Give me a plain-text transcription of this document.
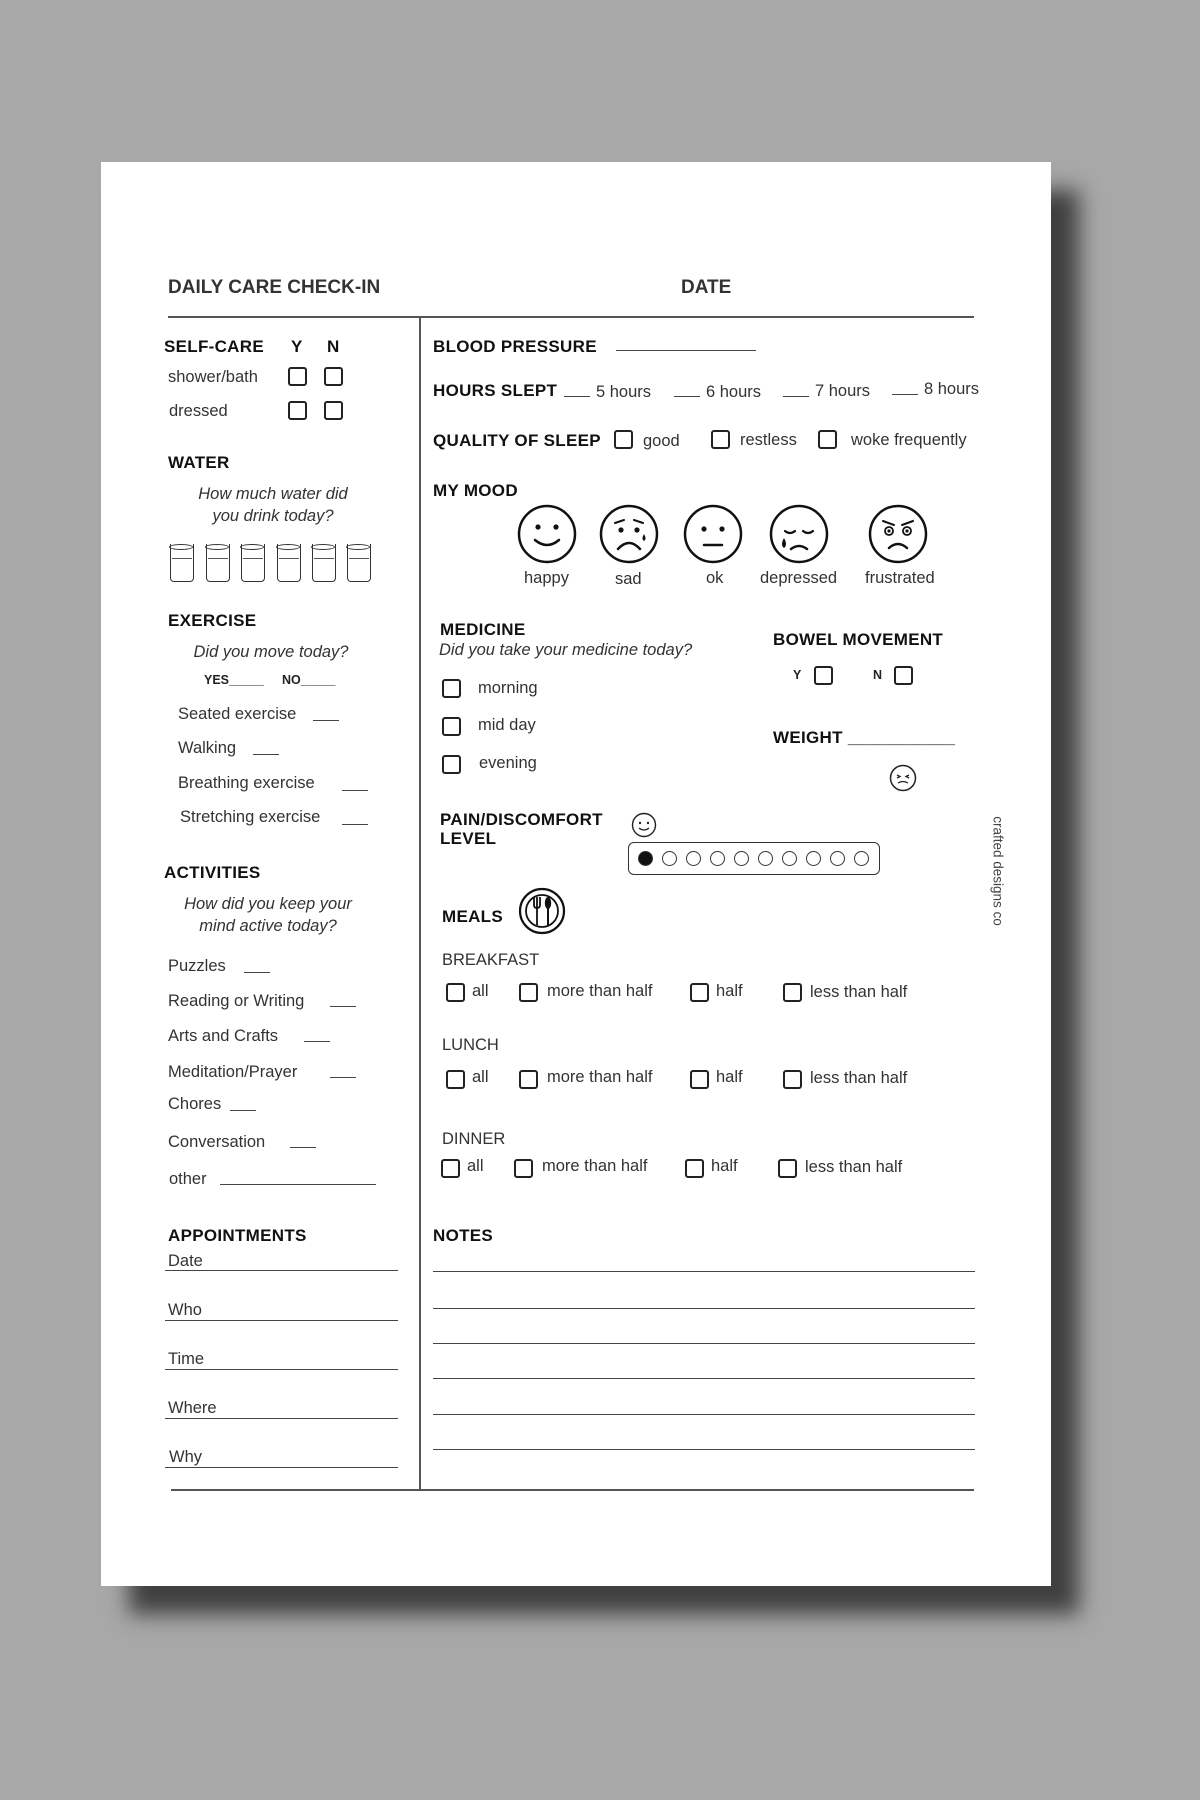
DAILY CARE CHECK-IN	DATE
SELF-CARE Y N
shower/bath
dressed
WATER
How much water did you drink today?
EXERCISE
Did you move today?
YES_____ NO_____
Seated exercise
Walking
Breathing exercise
Stretching exercise
ACTIVITIES
How did you keep your mind active today?
Puzzles
Reading or Writing
Arts and Crafts
Meditation/Prayer
Chores
Conversation
other
APPOINTMENTS
Date
Who
Time
Where
Why
BLOOD PRESSURE
HOURS SLEPT 5 hours	6 hours	7 hours	8 hours
QUALITY OF SLEEP	good	restless	woke frequently
MY MOOD
happy	sad	ok depressed frustrated
MEDICINE
Did you take your medicine today?
morning
mid day
evening
BOWEL MOVEMENT
Y	N
WEIGHT ___________
PAIN/DISCOMFORT LEVEL
MEALS
BREAKFAST
all	more than half	half	less than half
LUNCH
all	more than half	half	less than half
DINNER
all	more than half	half	less than half
NOTES
crafted designs co
